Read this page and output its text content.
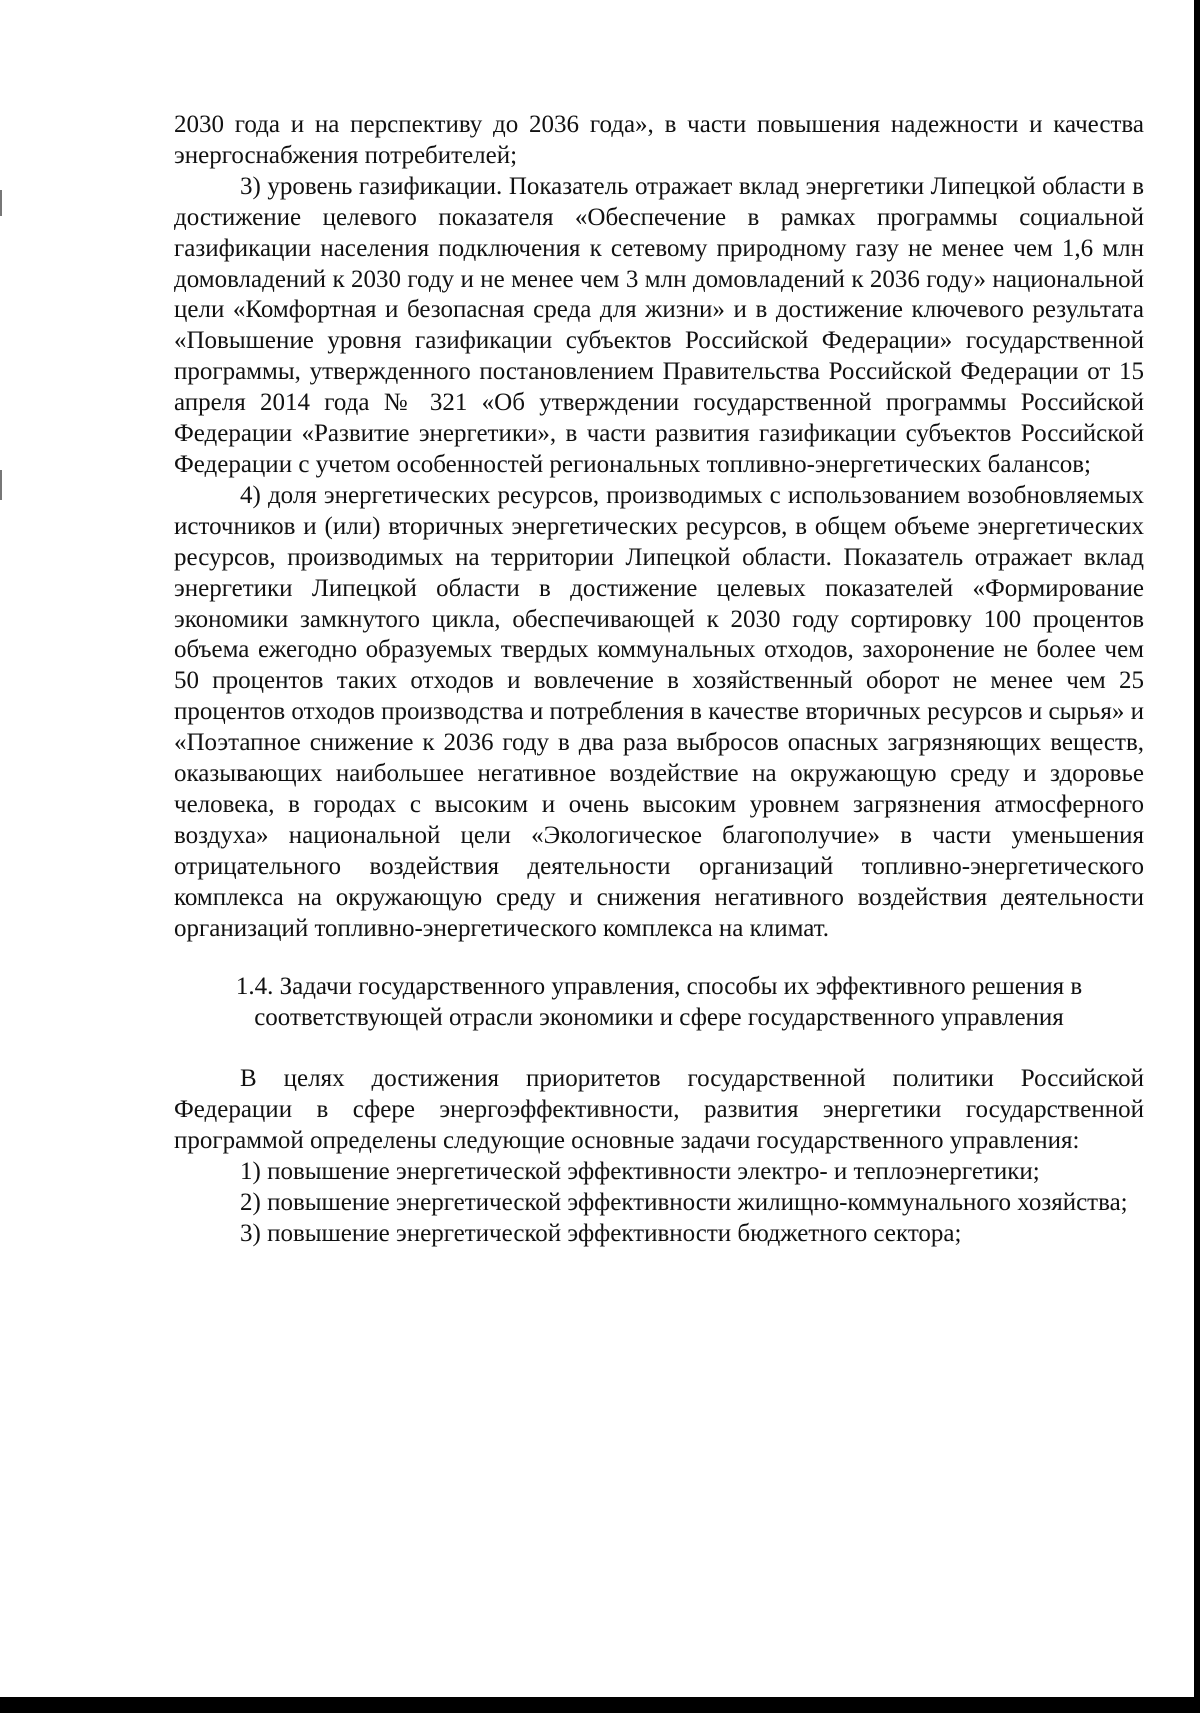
2030 года и на перспективу до 2036 года», в части повышения надежности и качества энергоснабжения потребителей;

3) уровень газификации. Показатель отражает вклад энергетики Липецкой области в достижение целевого показателя «Обеспечение в рамках программы социальной газификации населения подключения к сетевому природному газу не менее чем 1,6 млн домовладений к 2030 году и не менее чем 3 млн домовладений к 2036 году» национальной цели «Комфортная и безопасная среда для жизни» и в достижение ключевого результата «Повышение уровня газификации субъектов Российской Федерации» государственной программы, утвержденного постановлением Правительства Российской Федерации от 15 апреля 2014 года № 321 «Об утверждении государственной программы Российской Федерации «Развитие энергетики», в части развития газификации субъектов Российской Федерации с учетом особенностей региональных топливно-энергетических балансов;

4) доля энергетических ресурсов, производимых с использованием возобновляемых источников и (или) вторичных энергетических ресурсов, в общем объеме энергетических ресурсов, производимых на территории Липецкой области. Показатель отражает вклад энергетики Липецкой области в достижение целевых показателей «Формирование экономики замкнутого цикла, обеспечивающей к 2030 году сортировку 100 процентов объема ежегодно образуемых твердых коммунальных отходов, захоронение не более чем 50 процентов таких отходов и вовлечение в хозяйственный оборот не менее чем 25 процентов отходов производства и потребления в качестве вторичных ресурсов и сырья» и «Поэтапное снижение к 2036 году в два раза выбросов опасных загрязняющих веществ, оказывающих наибольшее негативное воздействие на окружающую среду и здоровье человека, в городах с высоким и очень высоким уровнем загрязнения атмосферного воздуха» национальной цели «Экологическое благополучие» в части уменьшения отрицательного воздействия деятельности организаций топливно-энергетического комплекса на окружающую среду и снижения негативного воздействия деятельности организаций топливно-энергетического комплекса на климат.

1.4. Задачи государственного управления, способы их эффективного решения в соответствующей отрасли экономики и сфере государственного управления

В целях достижения приоритетов государственной политики Российской Федерации в сфере энергоэффективности, развития энергетики государственной программой определены следующие основные задачи государственного управления:

1) повышение энергетической эффективности электро- и теплоэнергетики;

2) повышение энергетической эффективности жилищно-коммунального хозяйства;

3) повышение энергетической эффективности бюджетного сектора;
